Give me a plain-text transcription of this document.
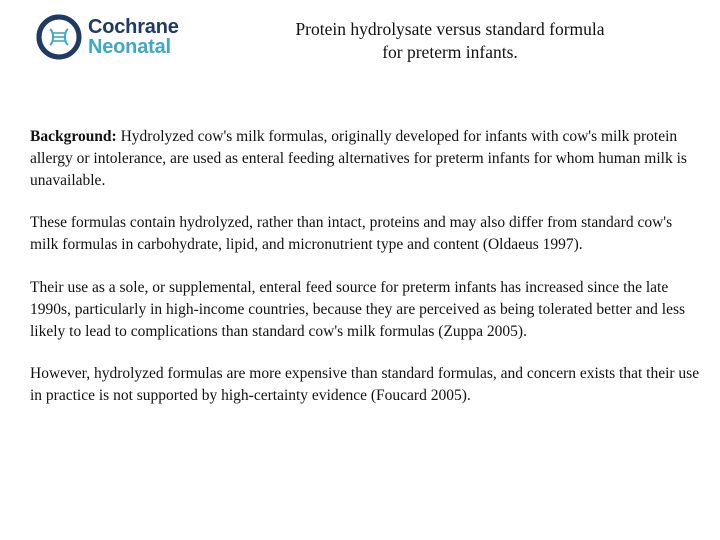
Cochrane
Neonatal
Protein hydrolysate versus standard formula
for preterm infants.

Background: Hydrolyzed cow's milk formulas, originally developed for infants with cow's milk protein allergy or intolerance, are used as enteral feeding alternatives for preterm infants for whom human milk is unavailable.

These formulas contain hydrolyzed, rather than intact, proteins and may also differ from standard cow's milk formulas in carbohydrate, lipid, and micronutrient type and content (Oldaeus 1997).

Their use as a sole, or supplemental, enteral feed source for preterm infants has increased since the late 1990s, particularly in high-income countries, because they are perceived as being tolerated better and less likely to lead to complications than standard cow's milk formulas (Zuppa 2005).

However, hydrolyzed formulas are more expensive than standard formulas, and concern exists that their use in practice is not supported by high-certainty evidence (Foucard 2005).
